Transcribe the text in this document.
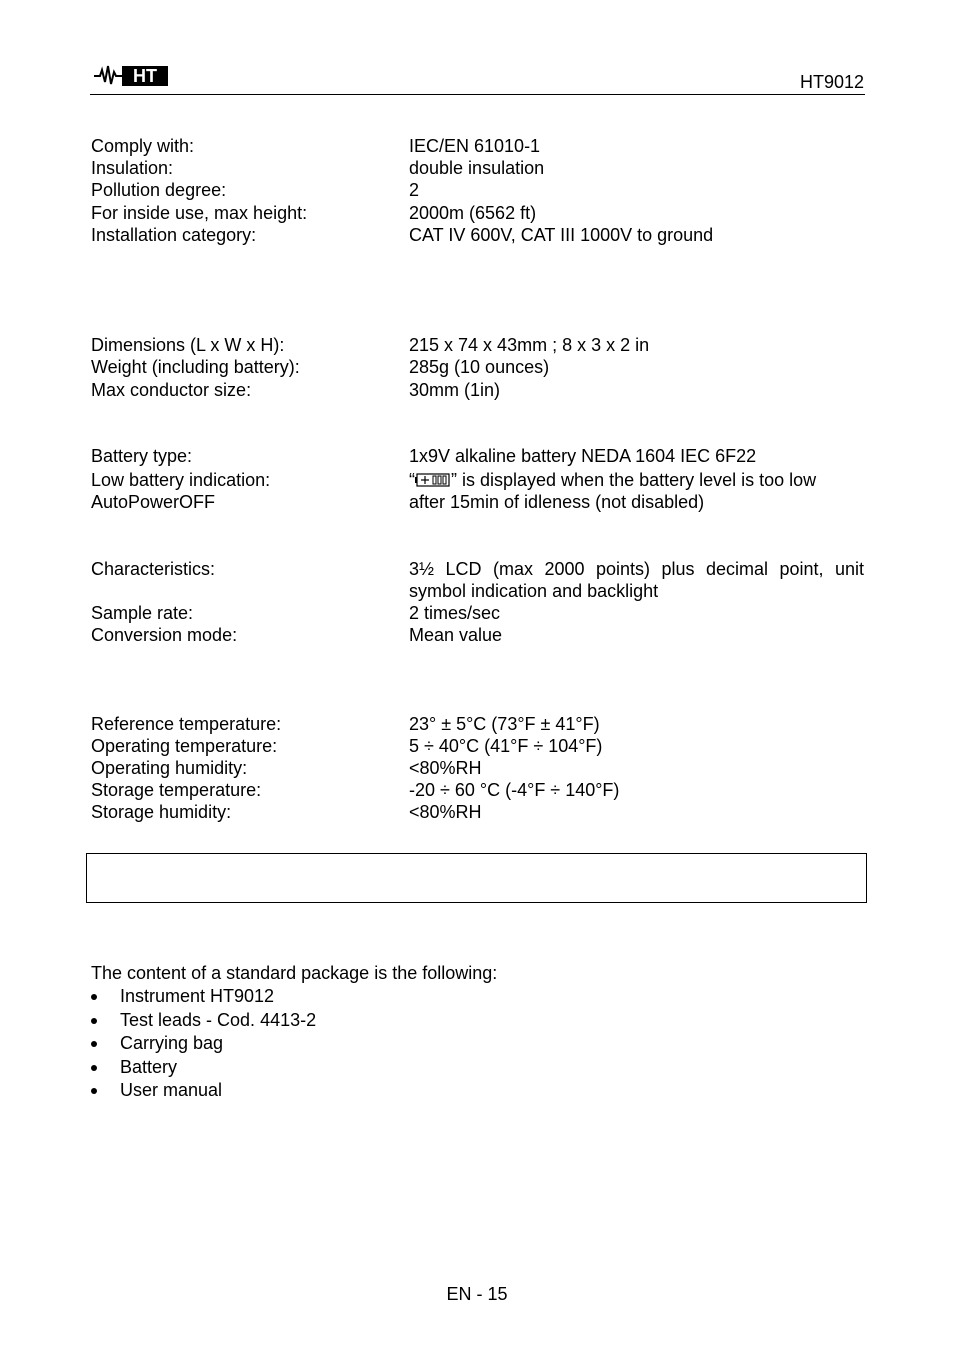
HT	HT9012
Comply with:	IEC/EN 61010-1
Insulation:	double insulation
Pollution degree:	2
For inside use, max height:	2000m (6562 ft)
Installation category:	CAT IV 600V, CAT III 1000V to ground
Dimensions (L x W x H):	215 x 74 x 43mm ; 8 x 3 x 2 in
Weight (including battery):	285g (10 ounces)
Max conductor size:	30mm (1in)
Battery type:	1x9V alkaline battery NEDA 1604 IEC 6F22
Low battery indication:	“ ” is displayed when the battery level is too low
AutoPowerOFF	after 15min of idleness (not disabled)
Characteristics:	3½ LCD (max 2000 points) plus decimal point, unit symbol indication and backlight
Sample rate:	2 times/sec
Conversion mode:	Mean value
Reference temperature:	23° ± 5°C (73°F ± 41°F)
Operating temperature:	5 ÷ 40°C (41°F ÷ 104°F)
Operating humidity:	<80%RH
Storage temperature:	-20 ÷ 60 °C (-4°F ÷ 140°F)
Storage humidity:	<80%RH
The content of a standard package is the following:
Instrument HT9012
Test leads - Cod. 4413-2
Carrying bag
Battery
User manual
EN - 15
